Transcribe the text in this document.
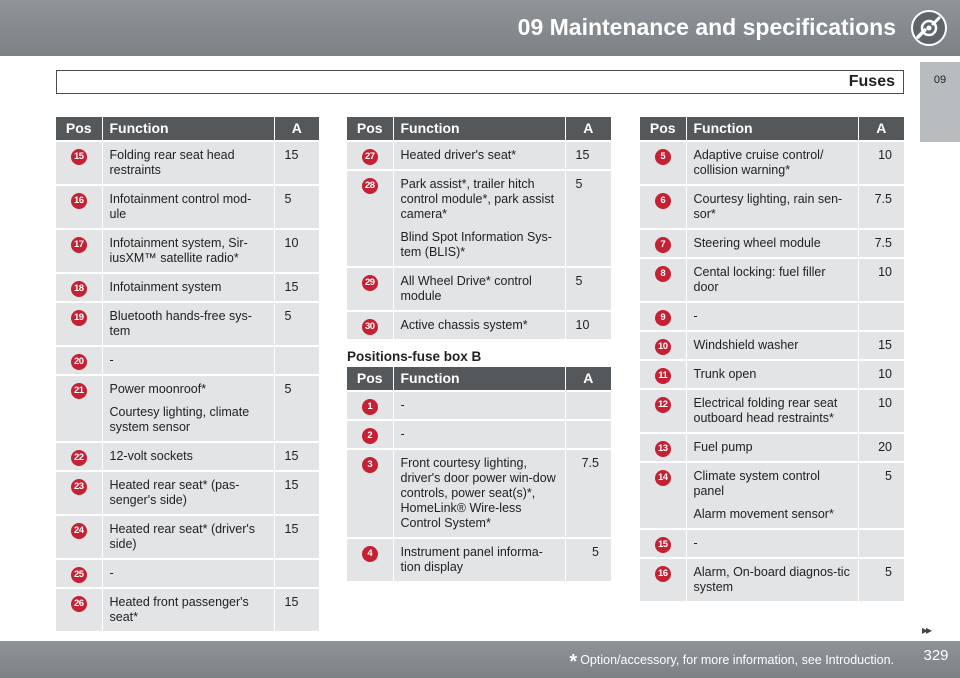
09 Maintenance and specifications
Fuses	09
Pos	Function	A
15	Folding rear seat head restraints	15
16	Infotainment control mod-ule	5
17	Infotainment system, Sir-iusXM™ satellite radio*	10
18	Infotainment system	15
19	Bluetooth hands-free sys-tem	5
20	-	

21	Power moonroof*
Courtesy lighting, climate system sensor	5
22	12-volt sockets	15
23	Heated rear seat* (pas-senger's side)	15
24	Heated rear seat* (driver's side)	15
25	-	

26	Heated front passenger's seat*	15
Pos	Function	A
27	Heated driver's seat*	15
28	Park assist*, trailer hitch control module*, park assist camera*
Blind Spot Information Sys-tem (BLIS)*	5
29	All Wheel Drive* control module	5
30	Active chassis system*	10
Positions-fuse box B
Pos	Function	A
1	-	

2	-	

3	Front courtesy lighting, driver's door power win-dow controls, power seat(s)*, HomeLink® Wire-less Control System*	7.5
4	Instrument panel informa-tion display	5
Pos	Function	A
5	Adaptive cruise control/ collision warning*	10
6	Courtesy lighting, rain sen-sor*	7.5
7	Steering wheel module	7.5
8	Cental locking: fuel filler door	10
9	-	

10	Windshield washer	15
11	Trunk open	10
12	Electrical folding rear seat outboard head restraints*	10
13	Fuel pump	20
14	Climate system control panel
Alarm movement sensor*	5
15	-	

16	Alarm, On-board diagnos-tic system	5
▸▸
* Option/accessory, for more information, see Introduction.	329
